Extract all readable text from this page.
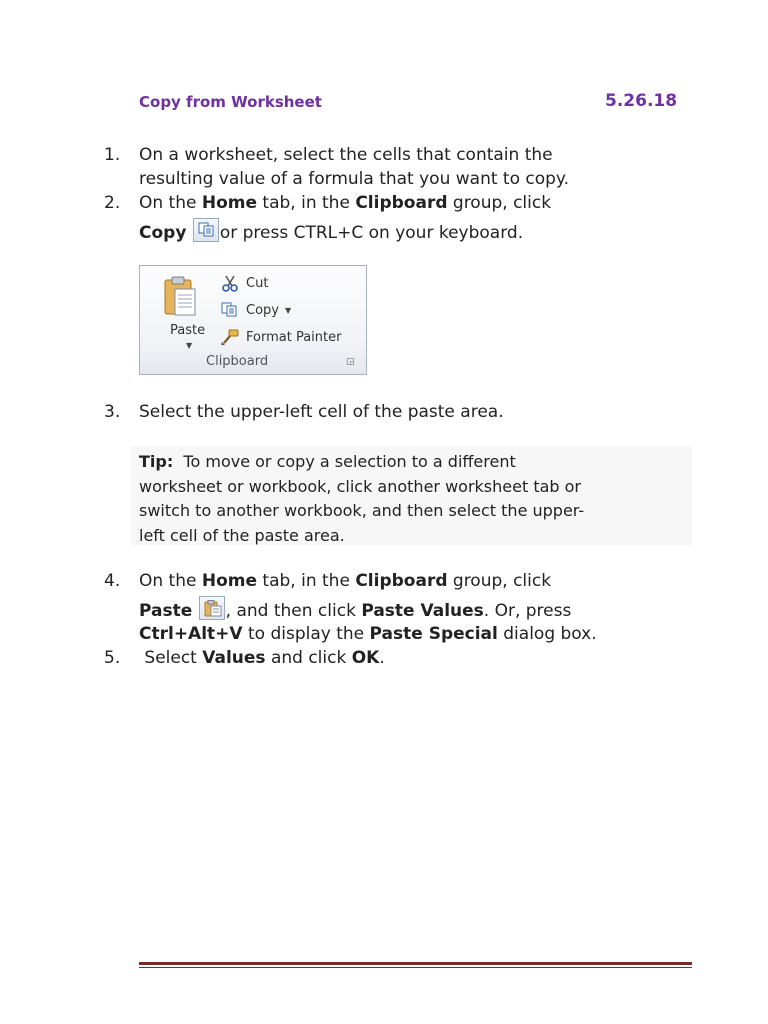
Copy from Worksheet	5.26.18
1. On a worksheet, select the cells that contain the
resulting value of a formula that you want to copy.
2. On the Home tab, in the Clipboard group, click
Copy or press CTRL+C on your keyboard.
Paste
▼
Cut
Copy ▼
Format Painter
Clipboard	◲
3. Select the upper-left cell of the paste area.
Tip:  To move or copy a selection to a different
worksheet or workbook, click another worksheet tab or
switch to another workbook, and then select the upper-
left cell of the paste area.
4. On the Home tab, in the Clipboard group, click
Paste , and then click Paste Values. Or, press
Ctrl+Alt+V to display the Paste Special dialog box.
5. Select Values and click OK.
